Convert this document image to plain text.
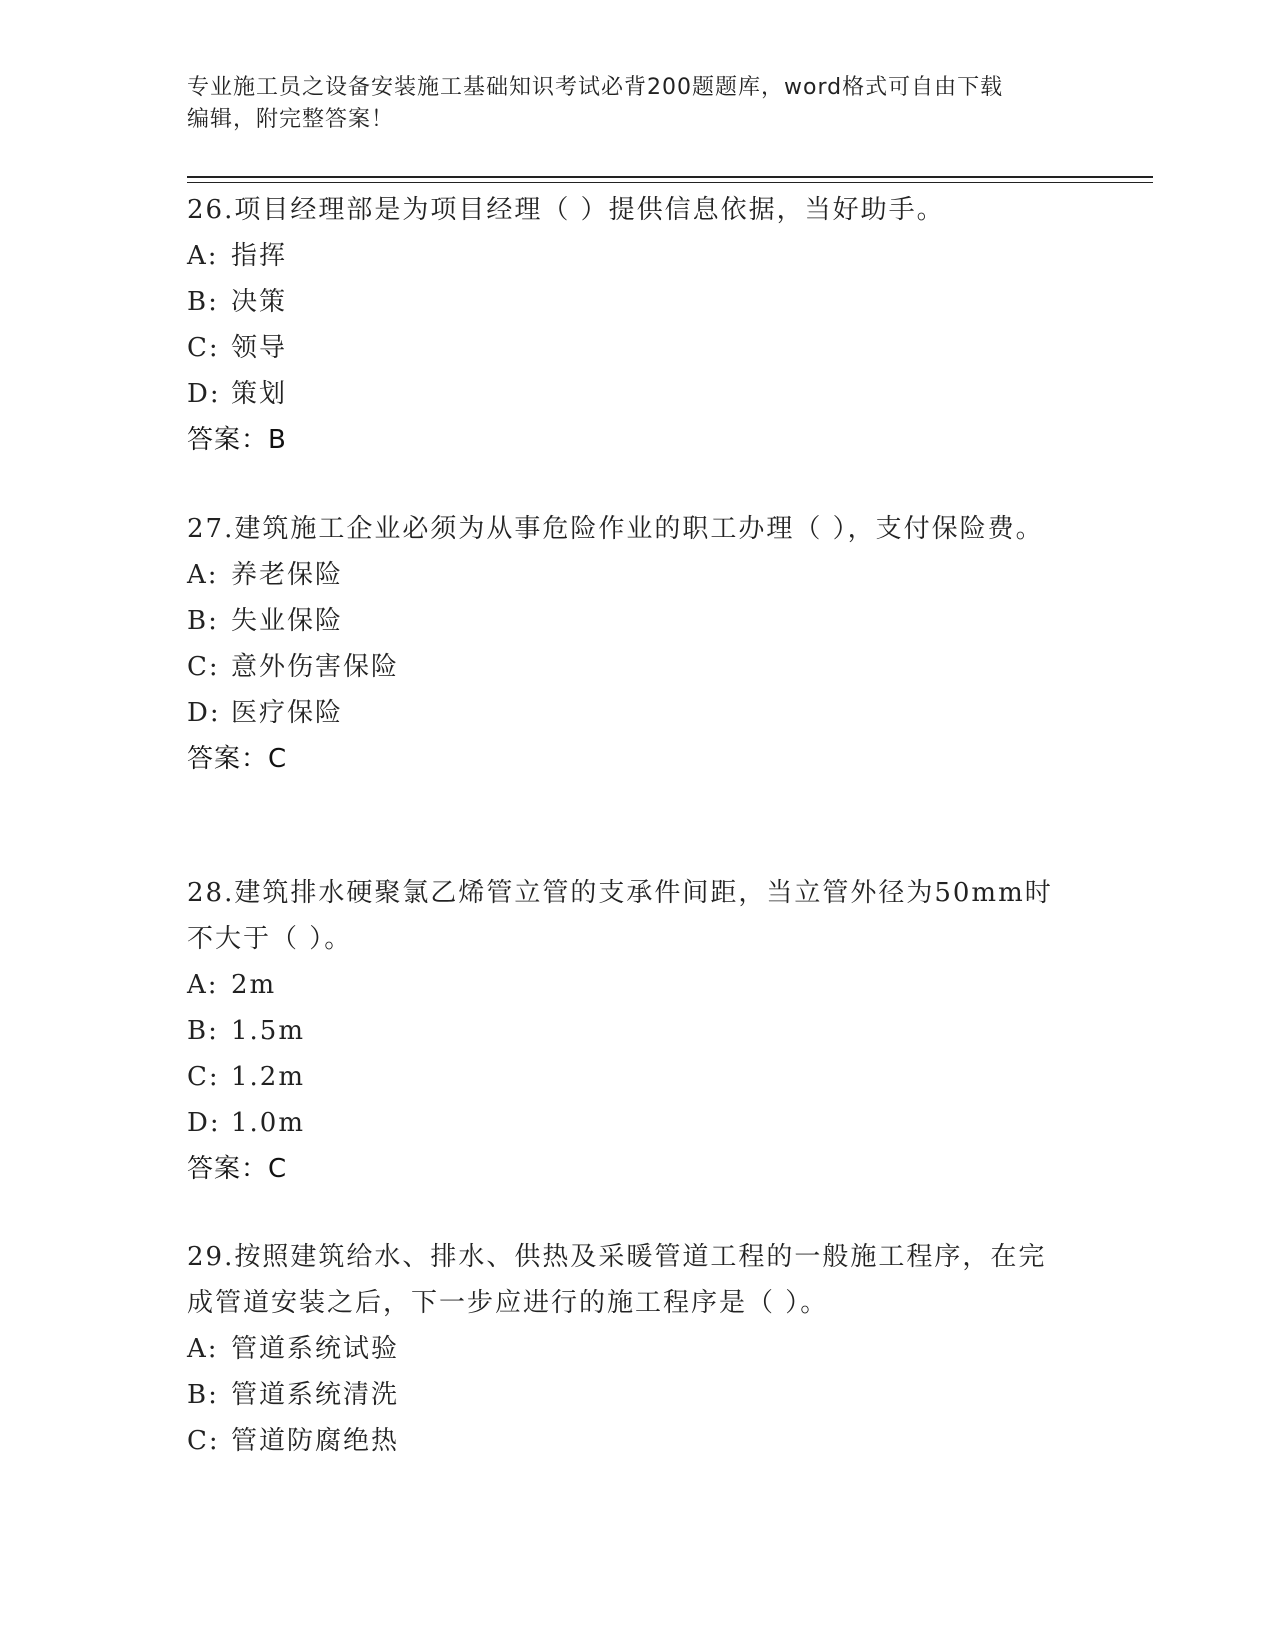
专业施工员之设备安装施工基础知识考试必背200题题库，word格式可自由下载
编辑，附完整答案！

26.项目经理部是为项目经理（ ）提供信息依据，当好助手。

A: 指挥
B: 决策
C: 领导
D: 策划
答案：B

27.建筑施工企业必须为从事危险作业的职工办理（ ），支付保险费。

A: 养老保险
B: 失业保险
C: 意外伤害保险
D: 医疗保险
答案：C

28.建筑排水硬聚氯乙烯管立管的支承件间距，当立管外径为50mm时不大于（ ）。

A: 2m
B: 1.5m
C: 1.2m
D: 1.0m
答案：C

29.按照建筑给水、排水、供热及采暖管道工程的一般施工程序，在完成管道安装之后，下一步应进行的施工程序是（ ）。

A: 管道系统试验
B: 管道系统清洗
C: 管道防腐绝热
